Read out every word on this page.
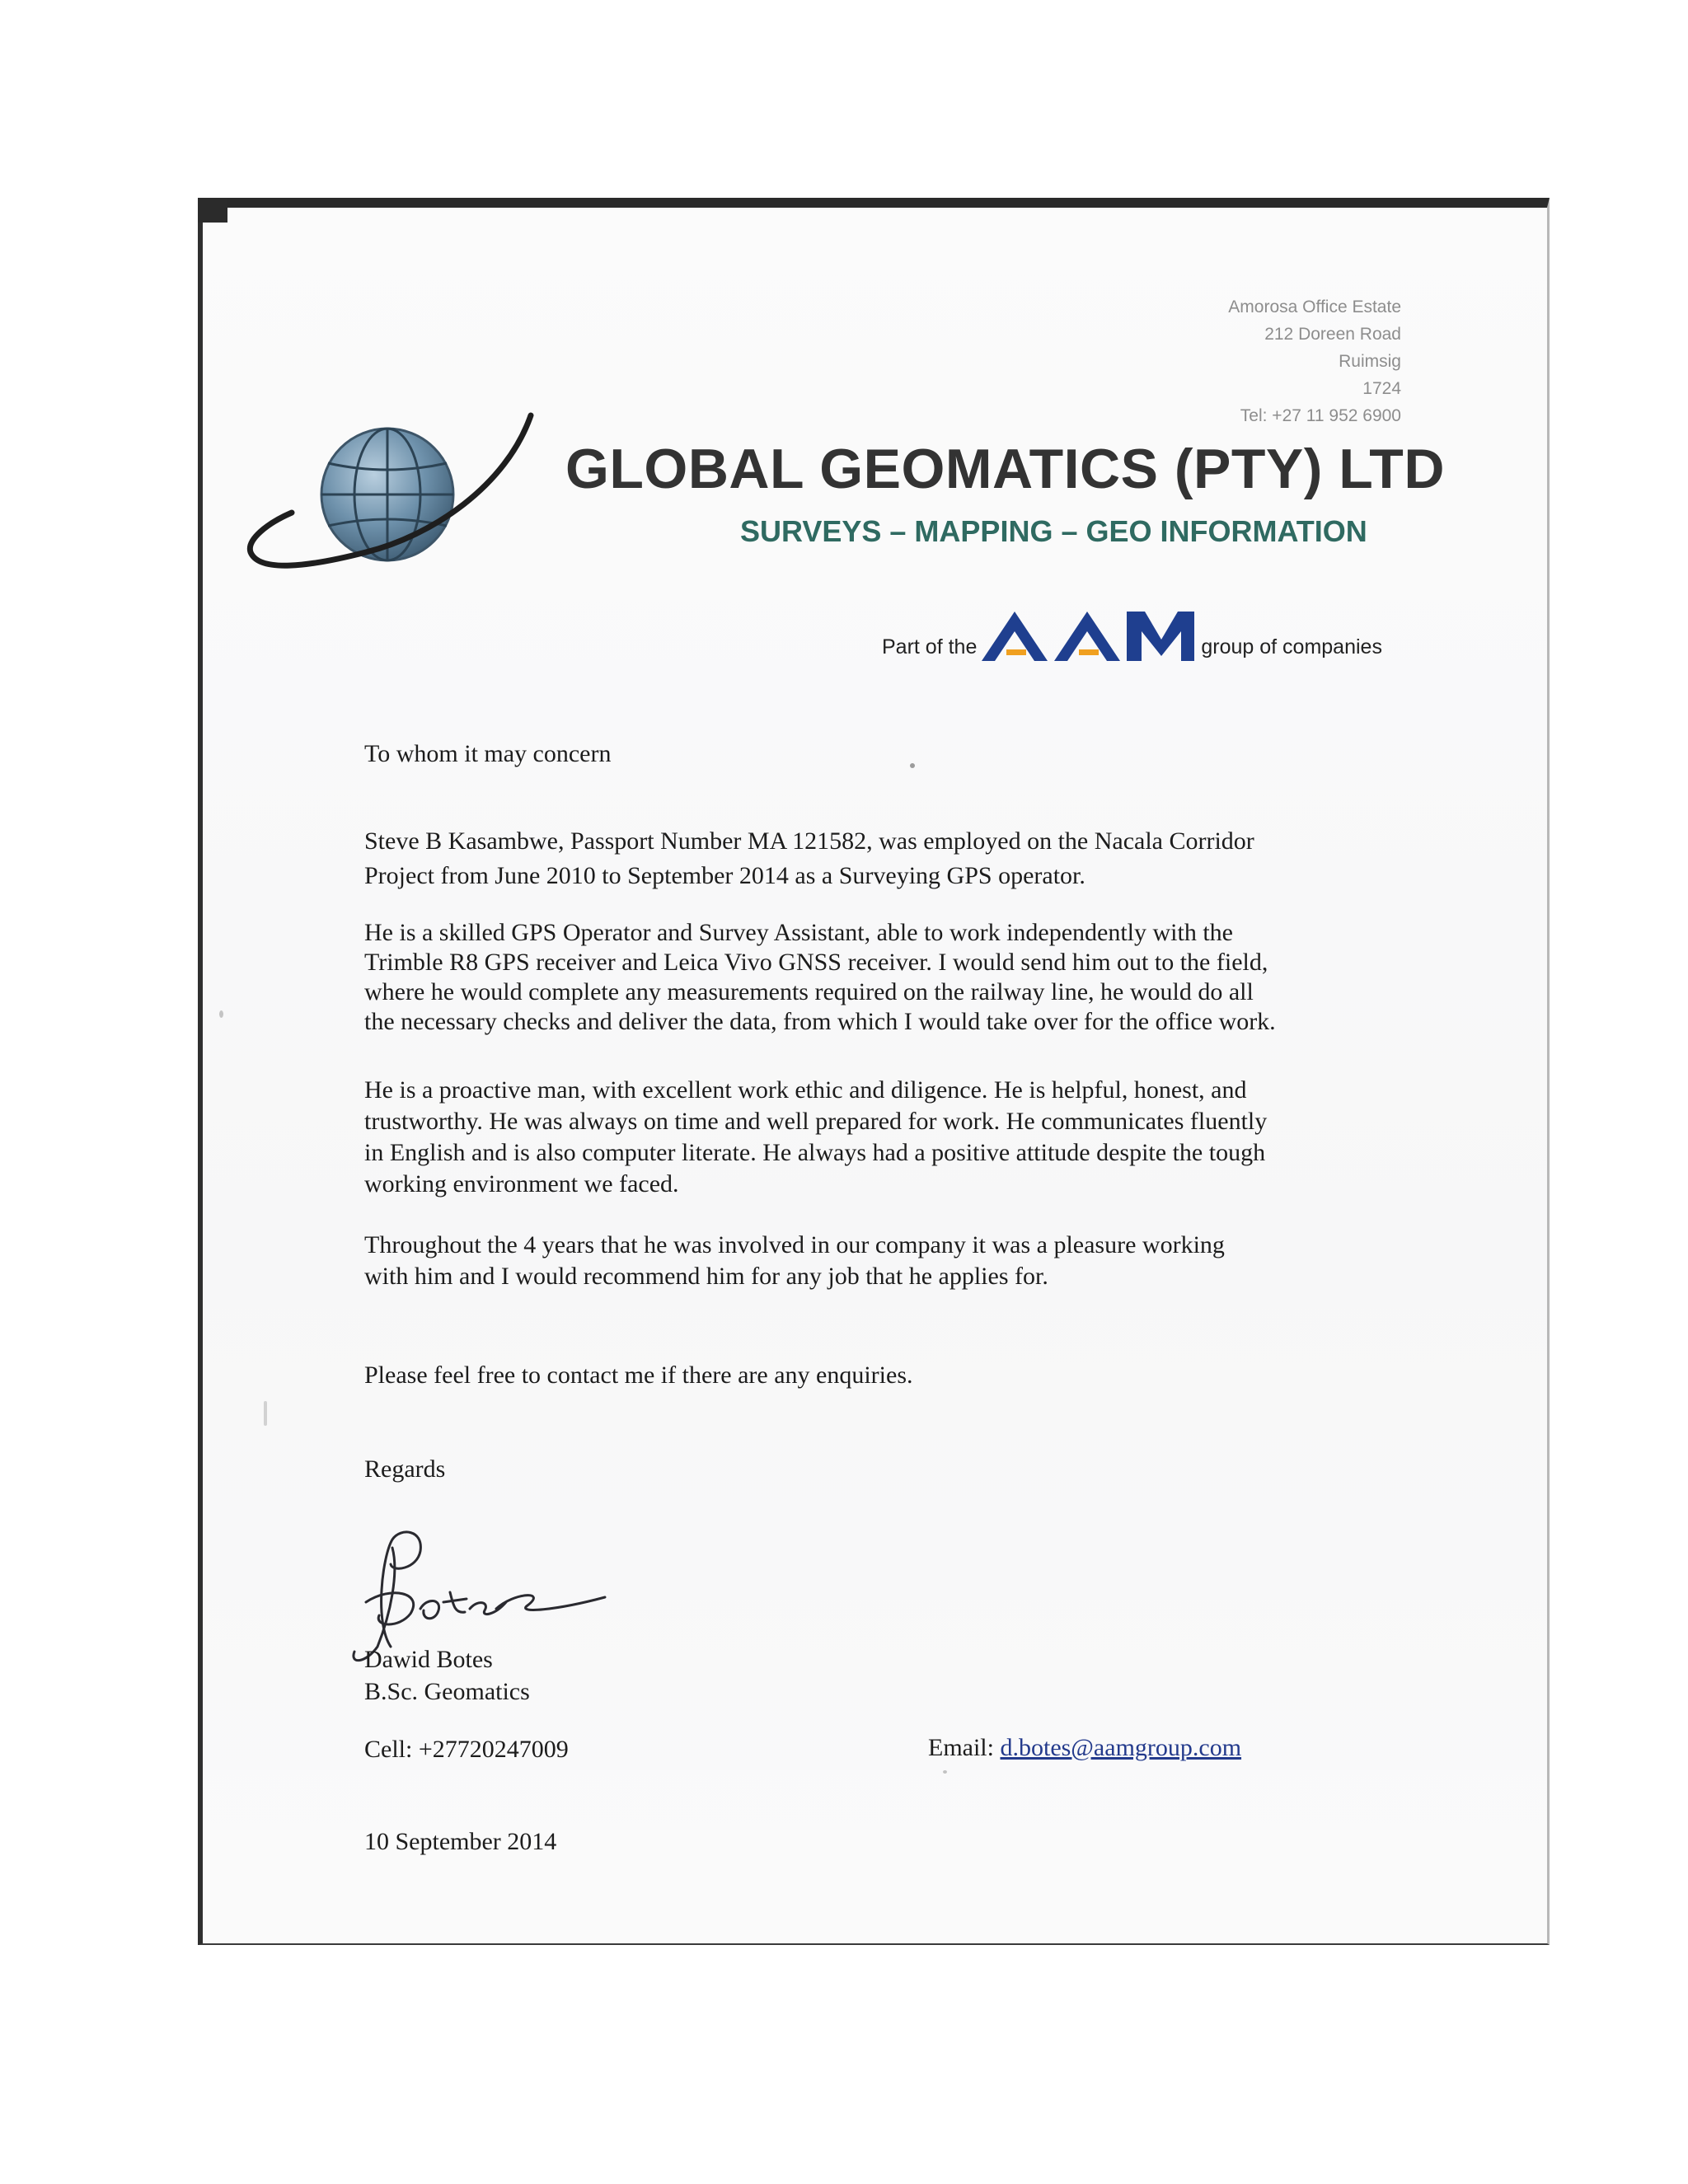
Amorosa Office Estate
212 Doreen Road
Ruimsig
1724
Tel: +27 11 952 6900
GLOBAL GEOMATICS (PTY) LTD
SURVEYS – MAPPING – GEO INFORMATION
Part of the	group of companies
To whom it may concern
Steve B Kasambwe, Passport Number MA 121582, was employed on the Nacala Corridor
Project from June 2010 to September 2014 as a Surveying GPS operator.
He is a skilled GPS Operator and Survey Assistant, able to work independently with the
Trimble R8 GPS receiver and Leica Vivo GNSS receiver. I would send him out to the field,
where he would complete any measurements required on the railway line, he would do all
the necessary checks and deliver the data, from which I would take over for the office work.
He is a proactive man, with excellent work ethic and diligence. He is helpful, honest, and
trustworthy. He was always on time and well prepared for work. He communicates fluently
in English and is also computer literate. He always had a positive attitude despite the tough
working environment we faced.
Throughout the 4 years that he was involved in our company it was a pleasure working
with him and I would recommend him for any job that he applies for.
Please feel free to contact me if there are any enquiries.
Regards
Dawid Botes
B.Sc. Geomatics
Cell: +27720247009	Email: d.botes@aamgroup.com
10 September 2014
